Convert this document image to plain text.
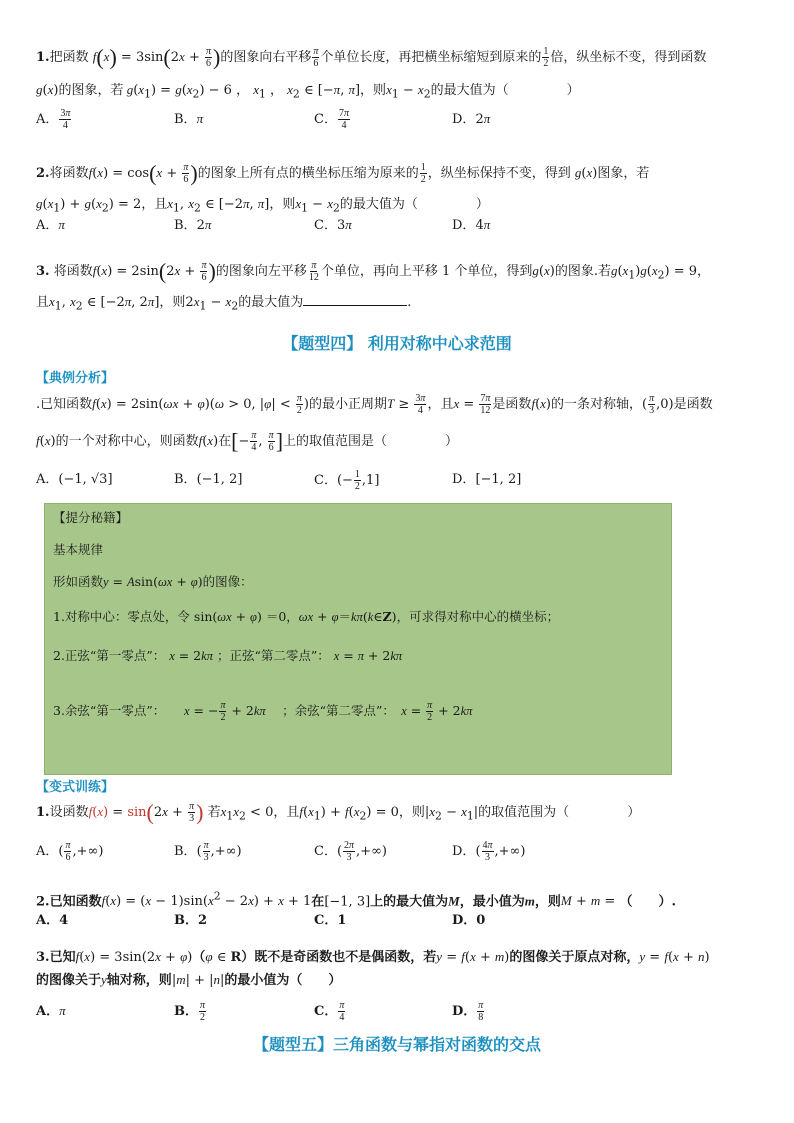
1.把函数 $f(x) = 3\sin(2x + \frac{\pi}{6}$ )的图象向右平移 $\frac{\pi}{6}$ 个单位长度，再把横坐标缩短到原来的 $\frac{1}{2}$ 倍，纵坐标不变，得到函数
g(x)的图象，若 $g(x_1) = g(x_2) - 6$ ， $x_1$ ， $x_2$ ∈ [−π, π]，则$x_1 - x_2$的最大值为（	）
A． $\frac{3\pi}{4}$	B．π	C． $\frac{7\pi}{4}$	D．2π
2.将函数$f(x) = \cos(x + \frac{\pi}{6}$ )的图象上所有点的横坐标压缩为原来的 $\frac{1}{2}$ ，纵坐标保持不变，得到 g(x)图象，若
$g(x_1) + g(x_2) = 2$，且$x_1$, $x_2$ ∈ [−2π, π]，则$x_1 - x_2$的最大值为（	）
A．π	B．2π	C．3π	D．4π
3. 将函数$f(x) = 2\sin(2x + \frac{\pi}{6}$ )的图象向左平移 $\frac{\pi}{12}$ 个单位，再向上平移 1 个单位，得到g(x)的图象.若$g(x_1)g(x_2) = 9$，
且$x_1$, $x_2$ ∈ [−2π, 2π]，则$2x_1 - x_2$的最大值为	.
【题型四】 利用对称中心求范围
【典例分析】
.已知函数f(x) = 2sin(ωx + φ)(ω > 0, $|\varphi| < \frac{\pi}{2}$ )的最小正周期$T \ge \frac{3\pi}{4}$ ，且$x = \frac{7\pi}{12}$ 是函数f(x)的一条对称轴，( $\frac{\pi}{3} ,0$)是函数
f(x)的一个对称中心，则函数f(x)在[− $\frac{\pi}{4}$ , $\frac{\pi}{6}$ ]上的取值范围是（	）
A．(−1, √3]	B．(−1, 2]	C．(− $\frac{1}{2} ,1$]	D．[−1, 2]
【提分秘籍】
基本规律
形如函数y = Asin(ωx + φ)的图像：
1.对称中心：零点处，令 sin(ωx + φ) ＝0，ωx + φ＝kπ(k∈Z)，可求得对称中心的横坐标；
2.正弦“第一零点”： x = 2kπ ；正弦“第二零点”： x = π + 2kπ
3.余弦“第一零点”：　　 x = − $\frac{\pi}{2} + 2k\pi$ 　 ；余弦“第二零点”：　 $x = \frac{\pi}{2} + 2k\pi$
【变式训练】
1.设函数$f(x) = \sin(2x + \frac{\pi}{3}$ ) 若$x_1x_2 < 0$，且$f(x_1) + f(x_2) = 0$，则$|x_2 - x_1|$的取值范围为（	）
A．( $\frac{\pi}{6}$ ,+∞)	B．( $\frac{\pi}{3}$ ,+∞)	C．( $\frac{2\pi}{3}$ ,+∞)	D．( $\frac{4\pi}{3}$ ,+∞)
2.已知函数$f(x) = (x - 1)\sin(x^2 - 2x) + x + 1$在[−1, 3]上的最大值为M，最小值为m，则M + m = （　　）.
A．4	B．2	C．1	D．0
3.已知f(x) = 3sin(2x + φ)（φ ∈ R）既不是奇函数也不是偶函数，若y = f(x + m)的图像关于原点对称，y = f(x + n)
的图像关于y轴对称，则|m| + |n|的最小值为（　　）
A．π	B． $\frac{\pi}{2}$	C． $\frac{\pi}{4}$	D． $\frac{\pi}{8}$
【题型五】三角函数与幂指对函数的交点
